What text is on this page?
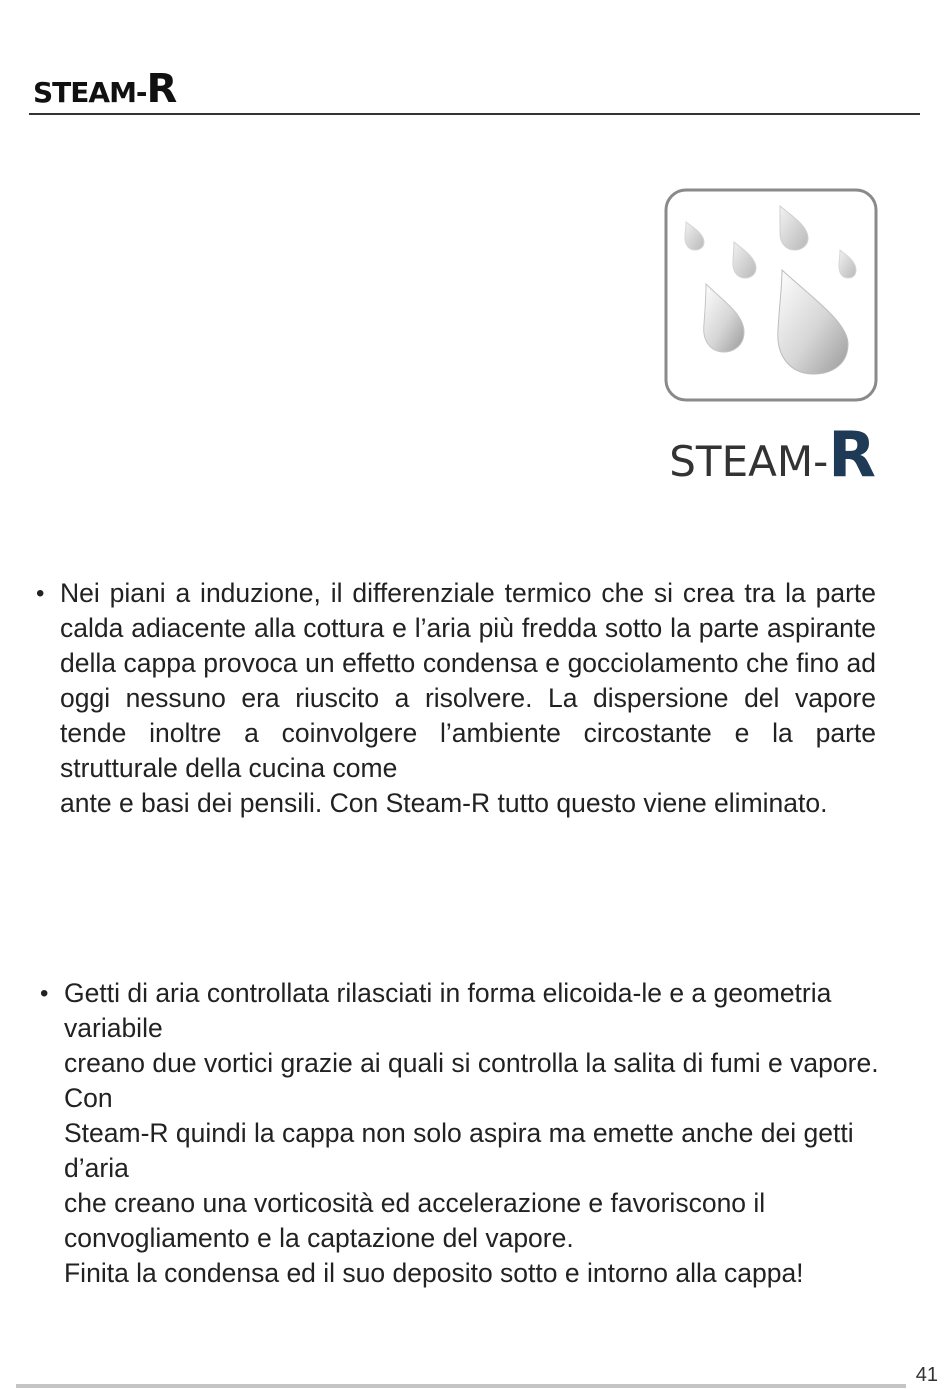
STEAM-R
STEAM-R
• Nei piani a induzione, il differenziale termico che si crea tra la parte calda adiacente alla cottura e l’aria più fredda sotto la parte aspirante della cappa provoca un effetto condensa e gocciolamento che fino ad oggi nessuno era riuscito a risolvere. La dispersione del vapore tende inoltre a coinvolgere l’ambiente circostante e la parte strutturale della cucina come
ante e basi dei pensili. Con Steam-R tutto questo viene eliminato.
• Getti di aria controllata rilasciati in forma elicoida-le e a geometria variabile
creano due vortici grazie ai quali si controlla la salita di fumi e vapore. Con
Steam-R quindi la cappa non solo aspira ma emette anche dei getti d’aria
che creano una vorticosità ed accelerazione e favoriscono il
convogliamento e la captazione del vapore.
Finita la condensa ed il suo deposito sotto e intorno alla cappa!
41
